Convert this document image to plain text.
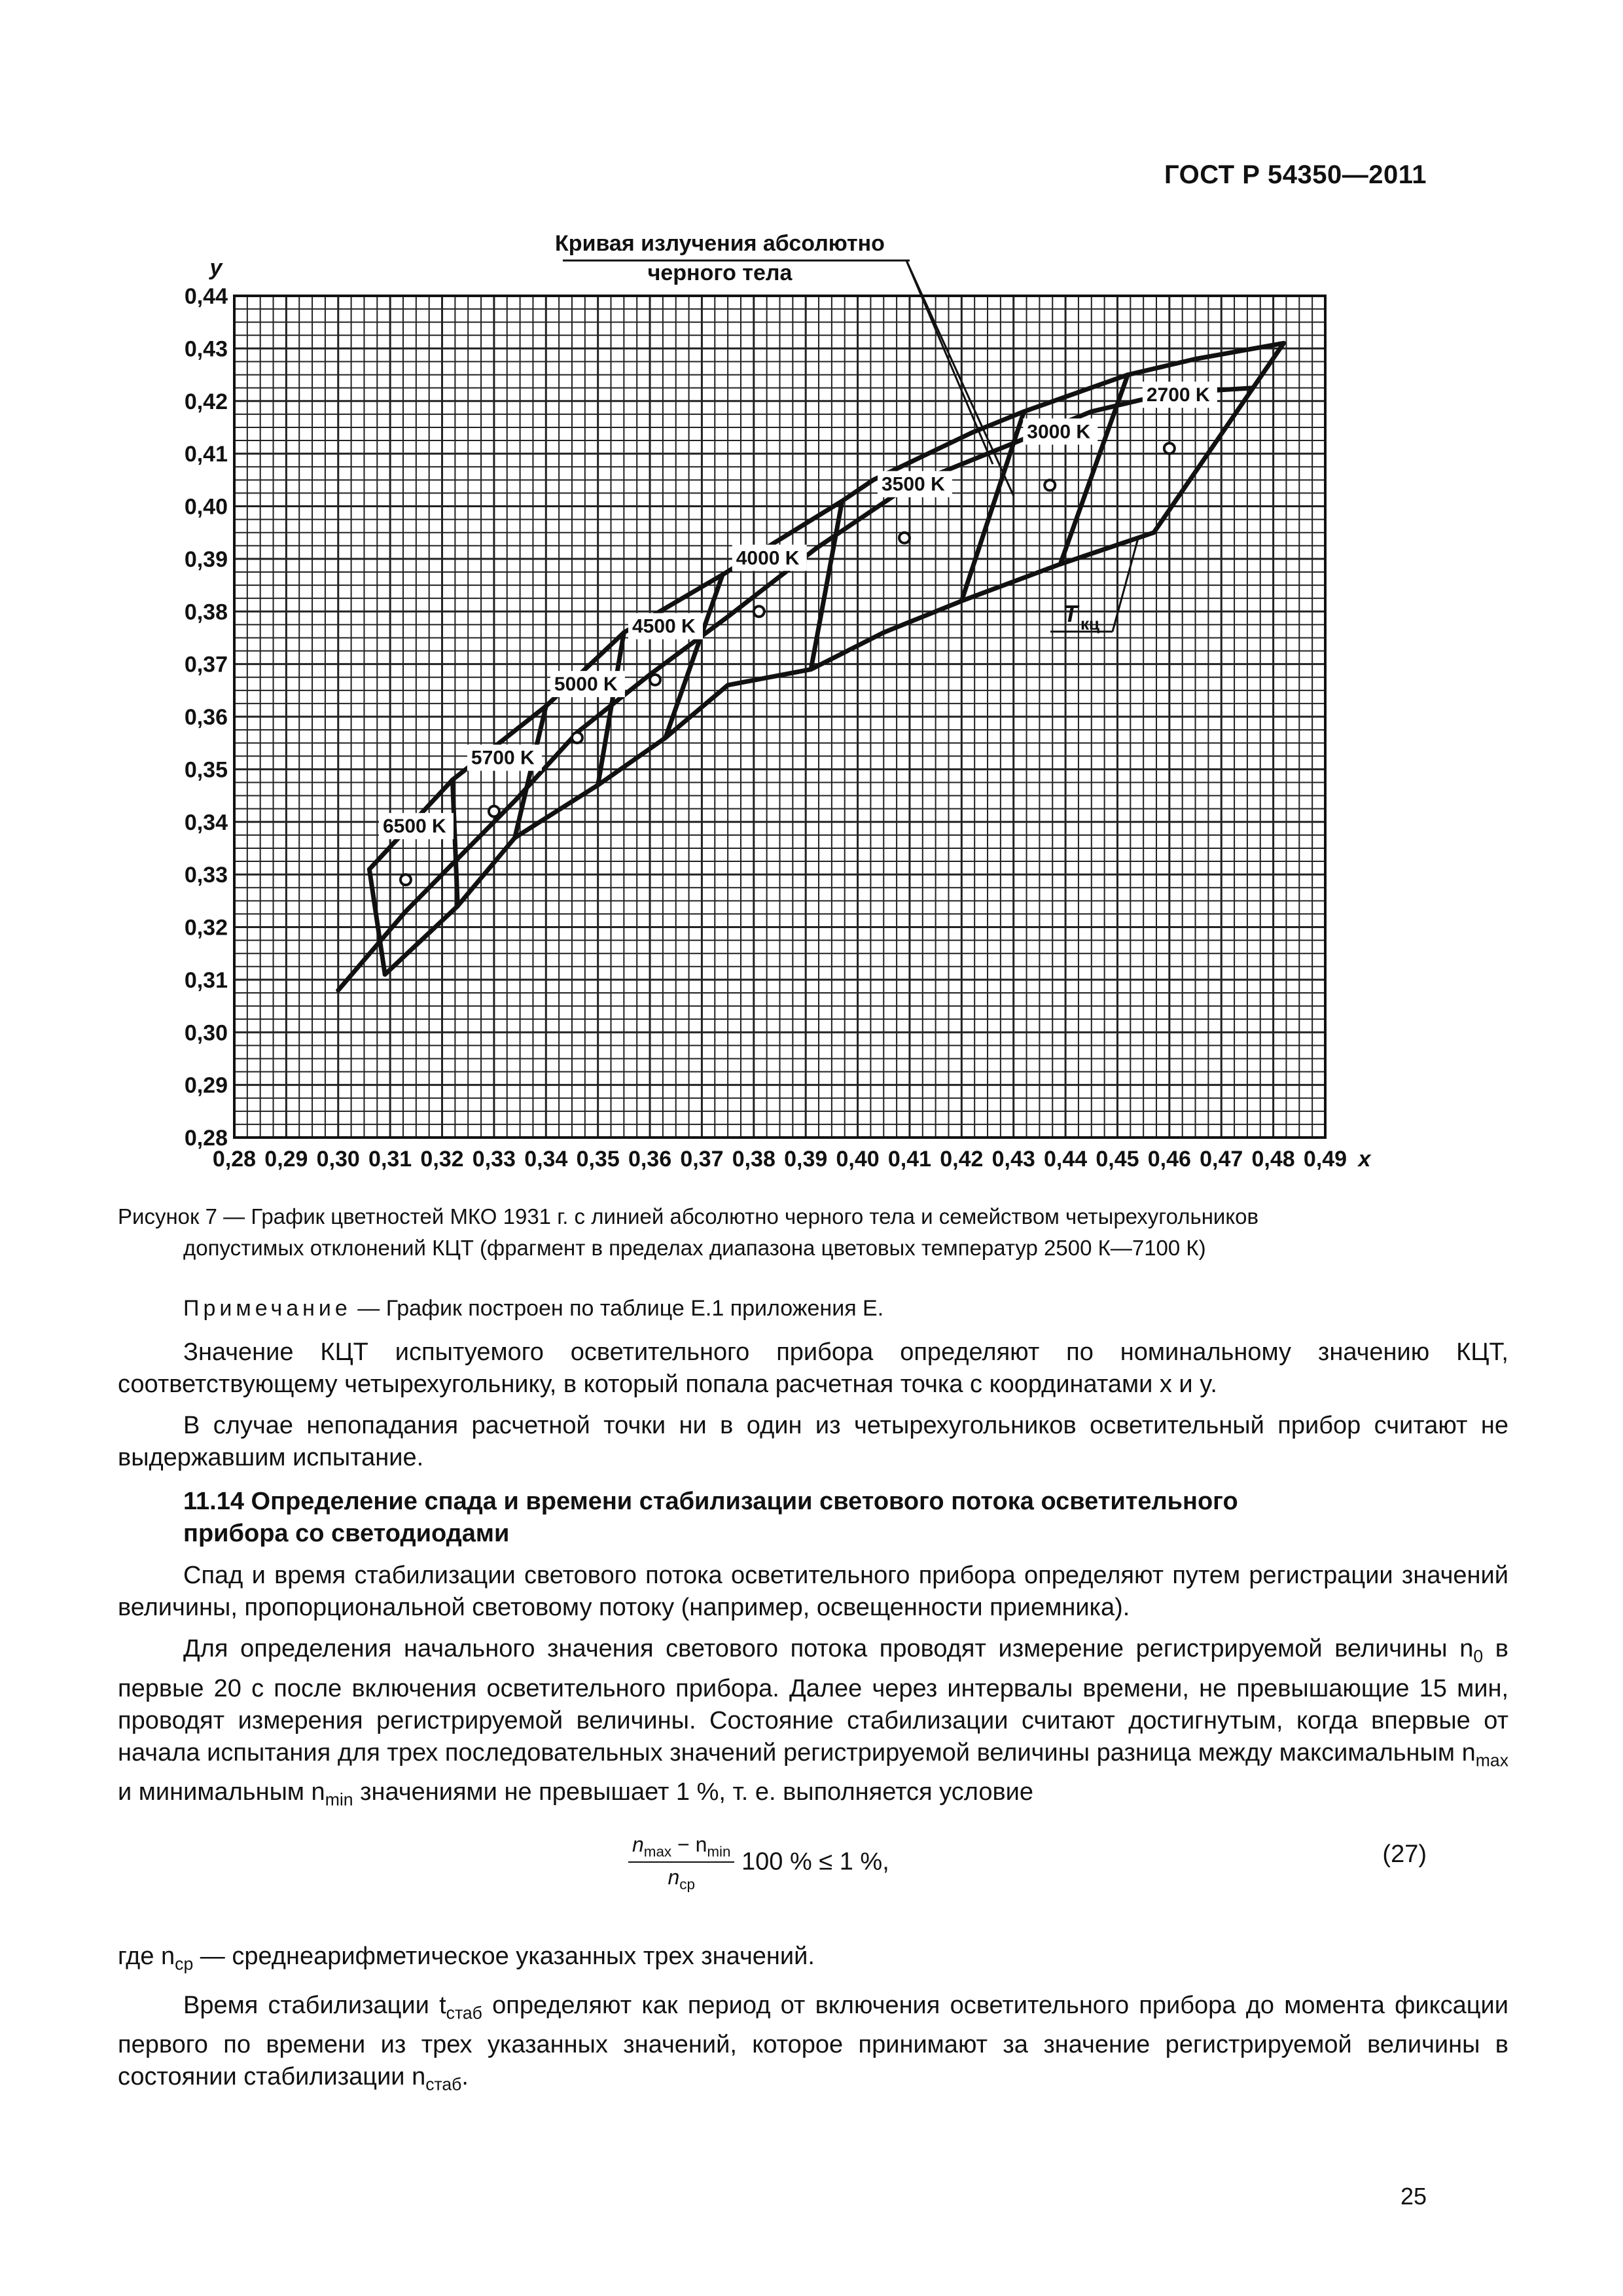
ГОСТ Р 54350—2011
0,28 0,29 0,30 0,31 0,32 0,33 0,34 0,35 0,36 0,37 0,38 0,39 0,40 0,41 0,42 0,43 0,44 0,45 0,46 0,47 0,48 0,49
0,28
0,29
0,30
0,31
0,32
0,33
0,34
0,35
0,36
0,37
0,38
0,39
0,40
0,41
0,42
0,43
0,44
x
y
6500 K
5700 K
5000 K
4500 K
4000 K
3500 K
3000 K
2700 K
Кривая излучения абсолютно
черного тела
T кц
Рисунок 7 — График цветностей МКО 1931 г. с линией абсолютно черного тела и семейством четырехугольников
допустимых отклонений КЦТ (фрагмент в пределах диапазона цветовых температур 2500 К—7100 К)

Примечание — График построен по таблице Е.1 приложения Е.

Значение КЦТ испытуемого осветительного прибора определяют по номинальному значению КЦТ, соответствующему четырехугольнику, в который попала расчетная точка с координатами x и y.

В случае непопадания расчетной точки ни в один из четырехугольников осветительный прибор считают не выдержавшим испытание.

11.14 Определение спада и времени стабилизации светового потока осветительного
прибора со светодиодами

Спад и время стабилизации светового потока осветительного прибора определяют путем регистрации значений величины, пропорциональной световому потоку (например, освещенности приемника).

Для определения начального значения светового потока проводят измерение регистрируемой величины $n_0$ в первые 20 с после включения осветительного прибора. Далее через интервалы времени, не превышающие 15 мин, проводят измерения регистрируемой величины. Состояние стабилизации считают достигнутым, когда впервые от начала испытания для трех последовательных значений регистрируемой величины разница между максимальным $n_{max}$ и минимальным $n_{min}$ значениями не превышает 1 %, т. е. выполняется условие

$\frac{n_{max} - n_{min}}{n_{ср}} 100$ % ≤ 1 %,	(27)

где $n_{ср}$ — среднеарифметическое указанных трех значений.

Время стабилизации $t_{стаб}$ определяют как период от включения осветительного прибора до момента фиксации первого по времени из трех указанных значений, которое принимают за значение регистрируемой величины в состоянии стабилизации $n_{стаб}$.

25
